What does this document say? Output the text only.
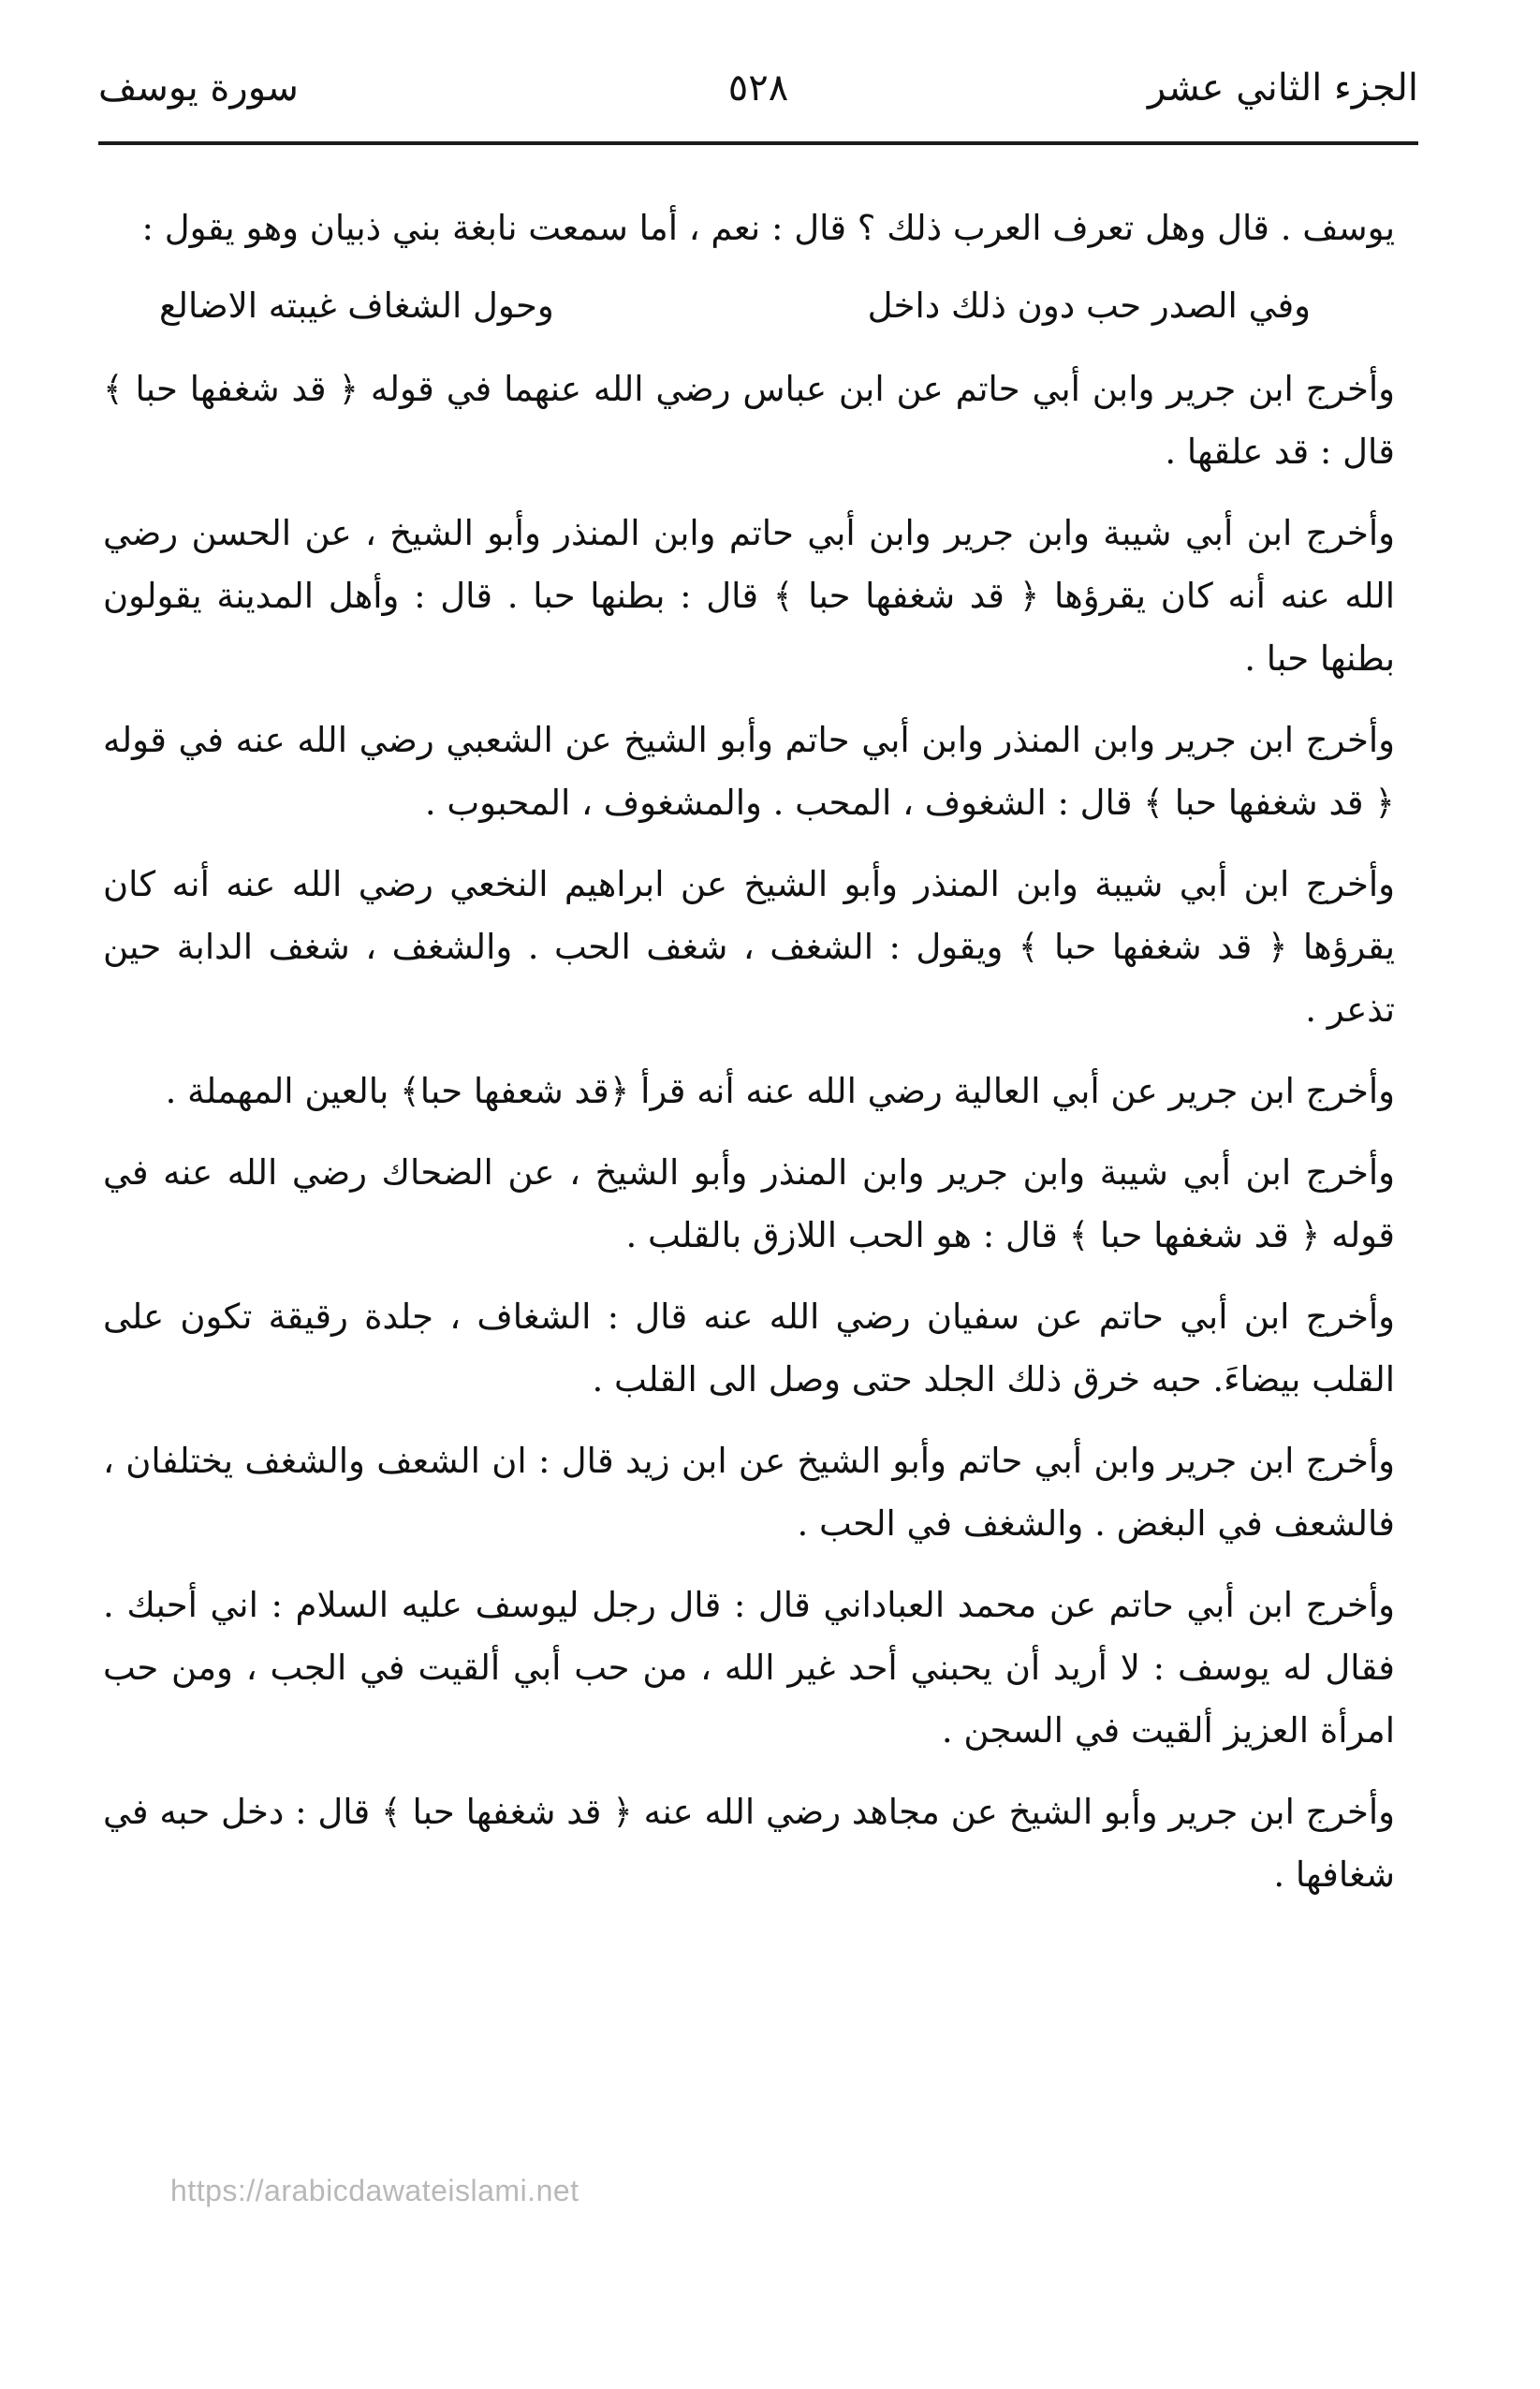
الجزء الثاني عشر
٥٢٨
سورة يوسف

يوسف . قال وهل تعرف العرب ذلك ؟ قال : نعم ، أما سمعت نابغة بني ذبيان وهو يقول :

وفي الصدر حب دون ذلك داخل
وحول الشغاف غيبته الاضالع

وأخرج ابن جرير وابن أبي حاتم عن ابن عباس رضي الله عنهما في قوله ﴿ قد شغفها حبا ﴾ قال : قد علقها .

وأخرج ابن أبي شيبة وابن جرير وابن أبي حاتم وابن المنذر وأبو الشيخ ، عن الحسن رضي الله عنه أنه كان يقرؤها ﴿ قد شغفها حبا ﴾ قال : بطنها حبا . قال : وأهل المدينة يقولون بطنها حبا .

وأخرج ابن جرير وابن المنذر وابن أبي حاتم وأبو الشيخ عن الشعبي رضي الله عنه في قوله ﴿ قد شغفها حبا ﴾ قال : الشغوف ، المحب . والمشغوف ، المحبوب .

وأخرج ابن أبي شيبة وابن المنذر وأبو الشيخ عن ابراهيم النخعي رضي الله عنه أنه كان يقرؤها ﴿ قد شغفها حبا ﴾ ويقول : الشغف ، شغف الحب . والشغف ، شغف الدابة حين تذعر .

وأخرج ابن جرير عن أبي العالية رضي الله عنه أنه قرأ ﴿قد شعفها حبا﴾ بالعين المهملة .

وأخرج ابن أبي شيبة وابن جرير وابن المنذر وأبو الشيخ ، عن الضحاك رضي الله عنه في قوله ﴿ قد شغفها حبا ﴾ قال : هو الحب اللازق بالقلب .

وأخرج ابن أبي حاتم عن سفيان رضي الله عنه قال : الشغاف ، جلدة رقيقة تكون على القلب بيضاءَ. حبه خرق ذلك الجلد حتى وصل الى القلب .

وأخرج ابن جرير وابن أبي حاتم وأبو الشيخ عن ابن زيد قال : ان الشعف والشغف يختلفان ، فالشعف في البغض . والشغف في الحب .

وأخرج ابن أبي حاتم عن محمد العباداني قال : قال رجل ليوسف عليه السلام : اني أحبك . فقال له يوسف : لا أريد أن يحبني أحد غير الله ، من حب أبي ألقيت في الجب ، ومن حب امرأة العزيز ألقيت في السجن .

وأخرج ابن جرير وأبو الشيخ عن مجاهد رضي الله عنه ﴿ قد شغفها حبا ﴾ قال : دخل حبه في شغافها .

https://arabicdawateislami.net
